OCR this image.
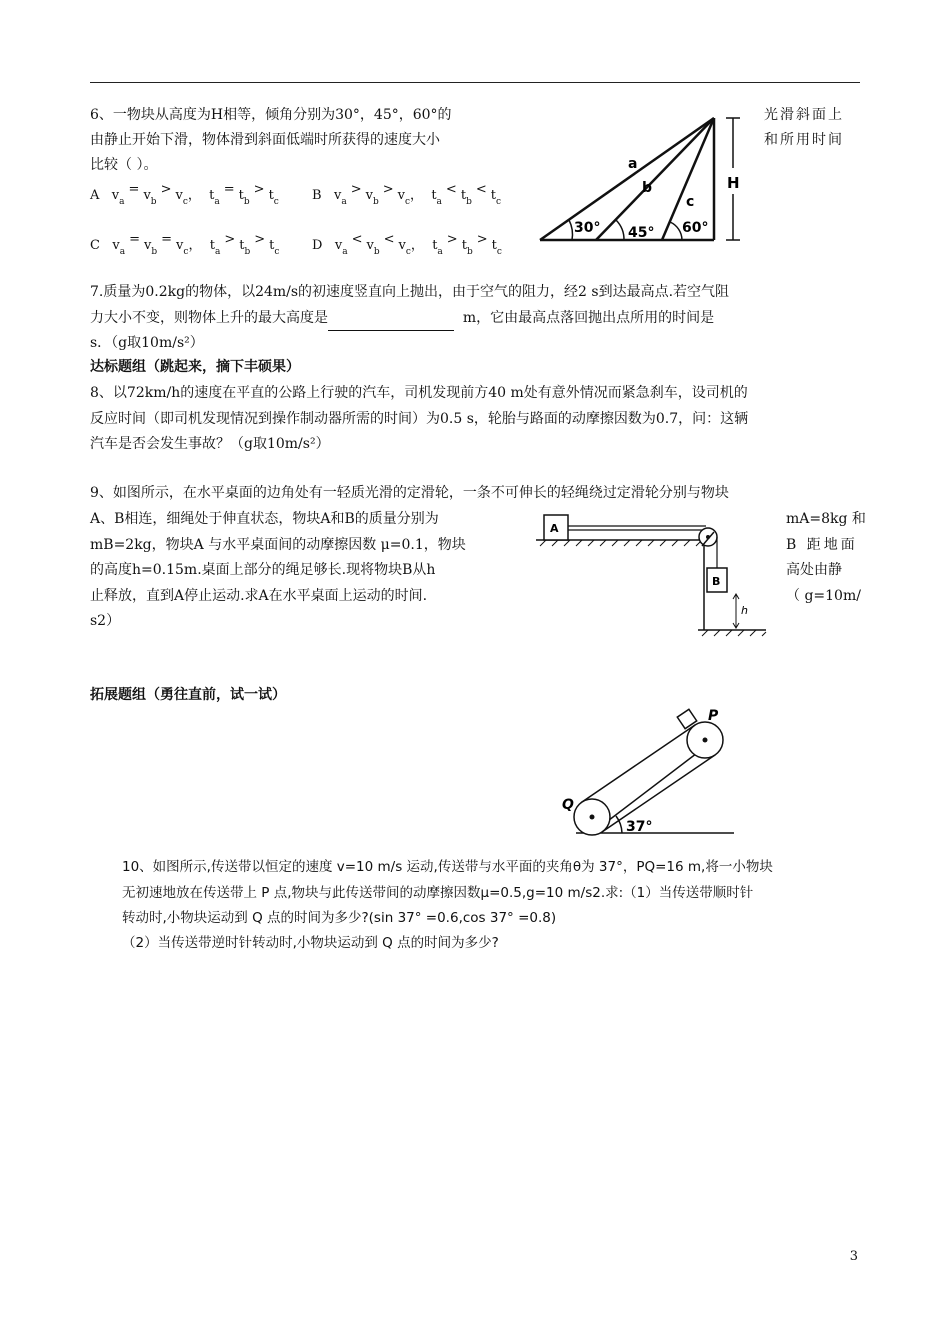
6、一物块从高度为H相等，倾角分别为30°，45°，60°的	光滑斜面上
由静止开始下滑，物体滑到斜面低端时所获得的速度大小	和所用时间
比较（ ）。
A $v_a= v_b> v_c$，  $t_a= t_b> t_c$	B $v_a> v_b> v_c$，  $t_a< t_b< t_c$
C $v_a= v_b= v_c$，  $t_a> t_b> t_c$	D $v_a< v_b< v_c$，  $t_a> t_b> t_c$
H
30° 45° 60°
a
b
c
7.质量为0.2kg的物体，以24m/s的初速度竖直向上抛出，由于空气的阻力，经2 s到达最高点.若空气阻
力大小不变，则物体上升的最大高度是	m，它由最高点落回抛出点所用的时间是
s．（g取10m/s²）
达标题组（跳起来，摘下丰硕果）
8、以72km/h的速度在平直的公路上行驶的汽车，司机发现前方40 m处有意外情况而紧急刹车，设司机的
反应时间（即司机发现情况到操作制动器所需的时间）为0.5 s，轮胎与路面的动摩擦因数为0.7，问：这辆
汽车是否会发生事故？（g取10m/s²）
9、如图所示，在水平桌面的边角处有一轻质光滑的定滑轮，一条不可伸长的轻绳绕过定滑轮分别与物块
A、B相连，细绳处于伸直状态，物块A和B的质量分别为	mA=8kg 和
mB=2kg，物块A 与水平桌面间的动摩擦因数 μ=0.1，物块	B 距地面
的高度h=0.15m.桌面上部分的绳足够长.现将物块B从h	高处由静
止释放，直到A停止运动.求A在水平桌面上运动的时间.	（ g=10m/
s2）
A
B
h
拓展题组（勇往直前，试一试）
P
Q
37°
10、如图所示,传送带以恒定的速度 v=10 m/s 运动,传送带与水平面的夹角θ为 37°，PQ=16 m,将一小物块
无初速地放在传送带上 P 点,物块与此传送带间的动摩擦因数μ=0.5,g=10 m/s2.求:（1）当传送带顺时针
转动时,小物块运动到 Q 点的时间为多少?(sin 37° =0.6,cos 37° =0.8)
（2）当传送带逆时针转动时,小物块运动到 Q 点的时间为多少?
3
